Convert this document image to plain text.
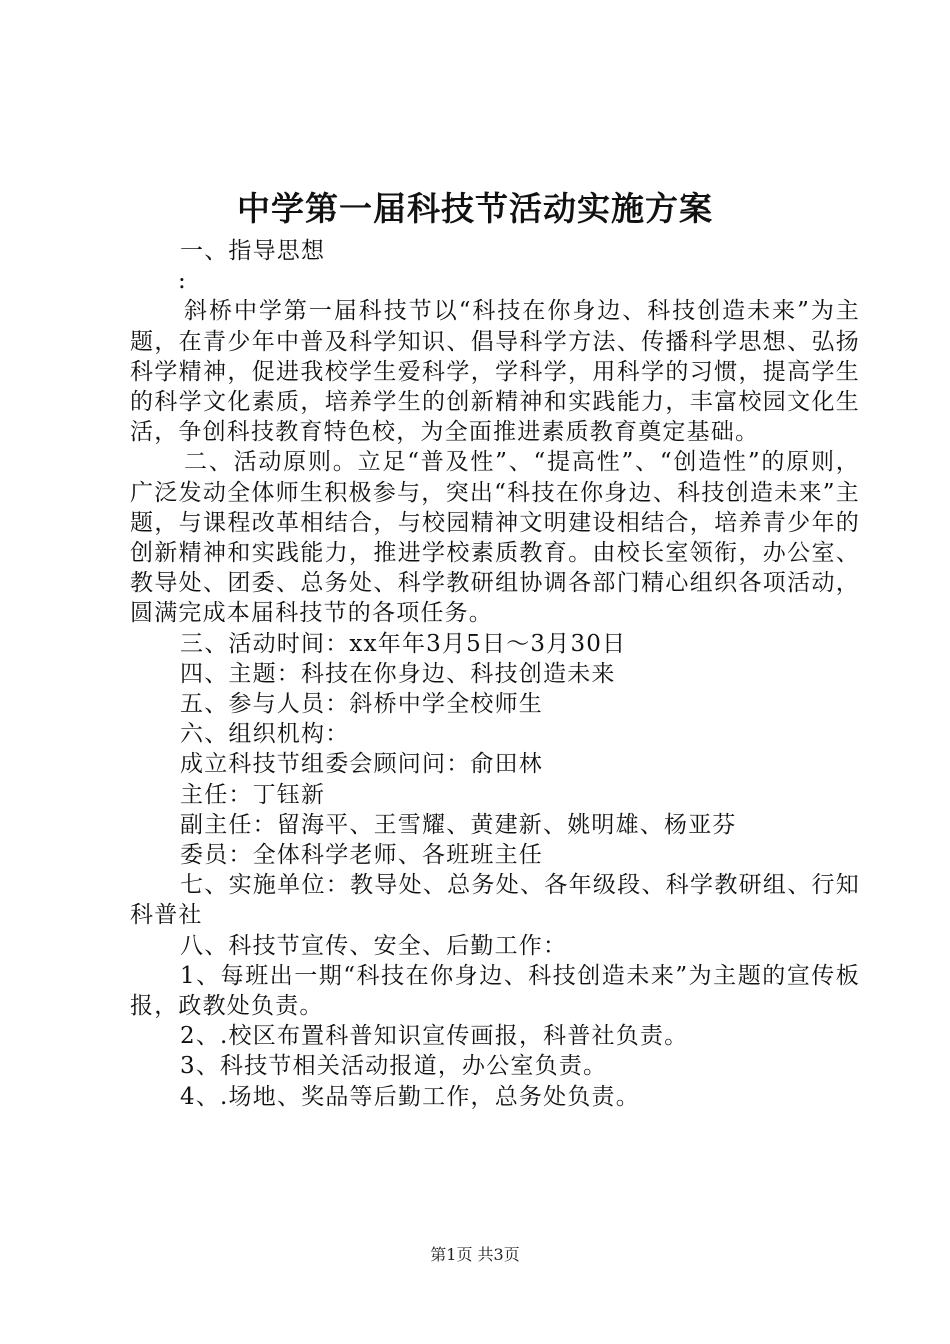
中学第一届科技节活动实施方案

一、指导思想

:

斜桥中学第一届科技节以“科技在你身边、科技创造未来”为主题，在青少年中普及科学知识、倡导科学方法、传播科学思想、弘扬科学精神，促进我校学生爱科学，学科学，用科学的习惯，提高学生的科学文化素质，培养学生的创新精神和实践能力，丰富校园文化生活，争创科技教育特色校，为全面推进素质教育奠定基础。

二、活动原则。立足“普及性”、“提高性”、“创造性”的原则，广泛发动全体师生积极参与，突出“科技在你身边、科技创造未来”主题，与课程改革相结合，与校园精神文明建设相结合，培养青少年的创新精神和实践能力，推进学校素质教育。由校长室领衔，办公室、教导处、团委、总务处、科学教研组协调各部门精心组织各项活动，圆满完成本届科技节的各项任务。

三、活动时间：xx年年3月5日～3月30日

四、主题：科技在你身边、科技创造未来

五、参与人员：斜桥中学全校师生

六、组织机构：

成立科技节组委会顾问问：俞田林

主任：丁钰新

副主任：留海平、王雪耀、黄建新、姚明雄、杨亚芬

委员：全体科学老师、各班班主任

七、实施单位：教导处、总务处、各年级段、科学教研组、行知科普社

八、科技节宣传、安全、后勤工作：

1、每班出一期“科技在你身边、科技创造未来”为主题的宣传板报，政教处负责。

2、.校区布置科普知识宣传画报，科普社负责。

3、科技节相关活动报道，办公室负责。

4、.场地、奖品等后勤工作，总务处负责。

第1页 共3页
